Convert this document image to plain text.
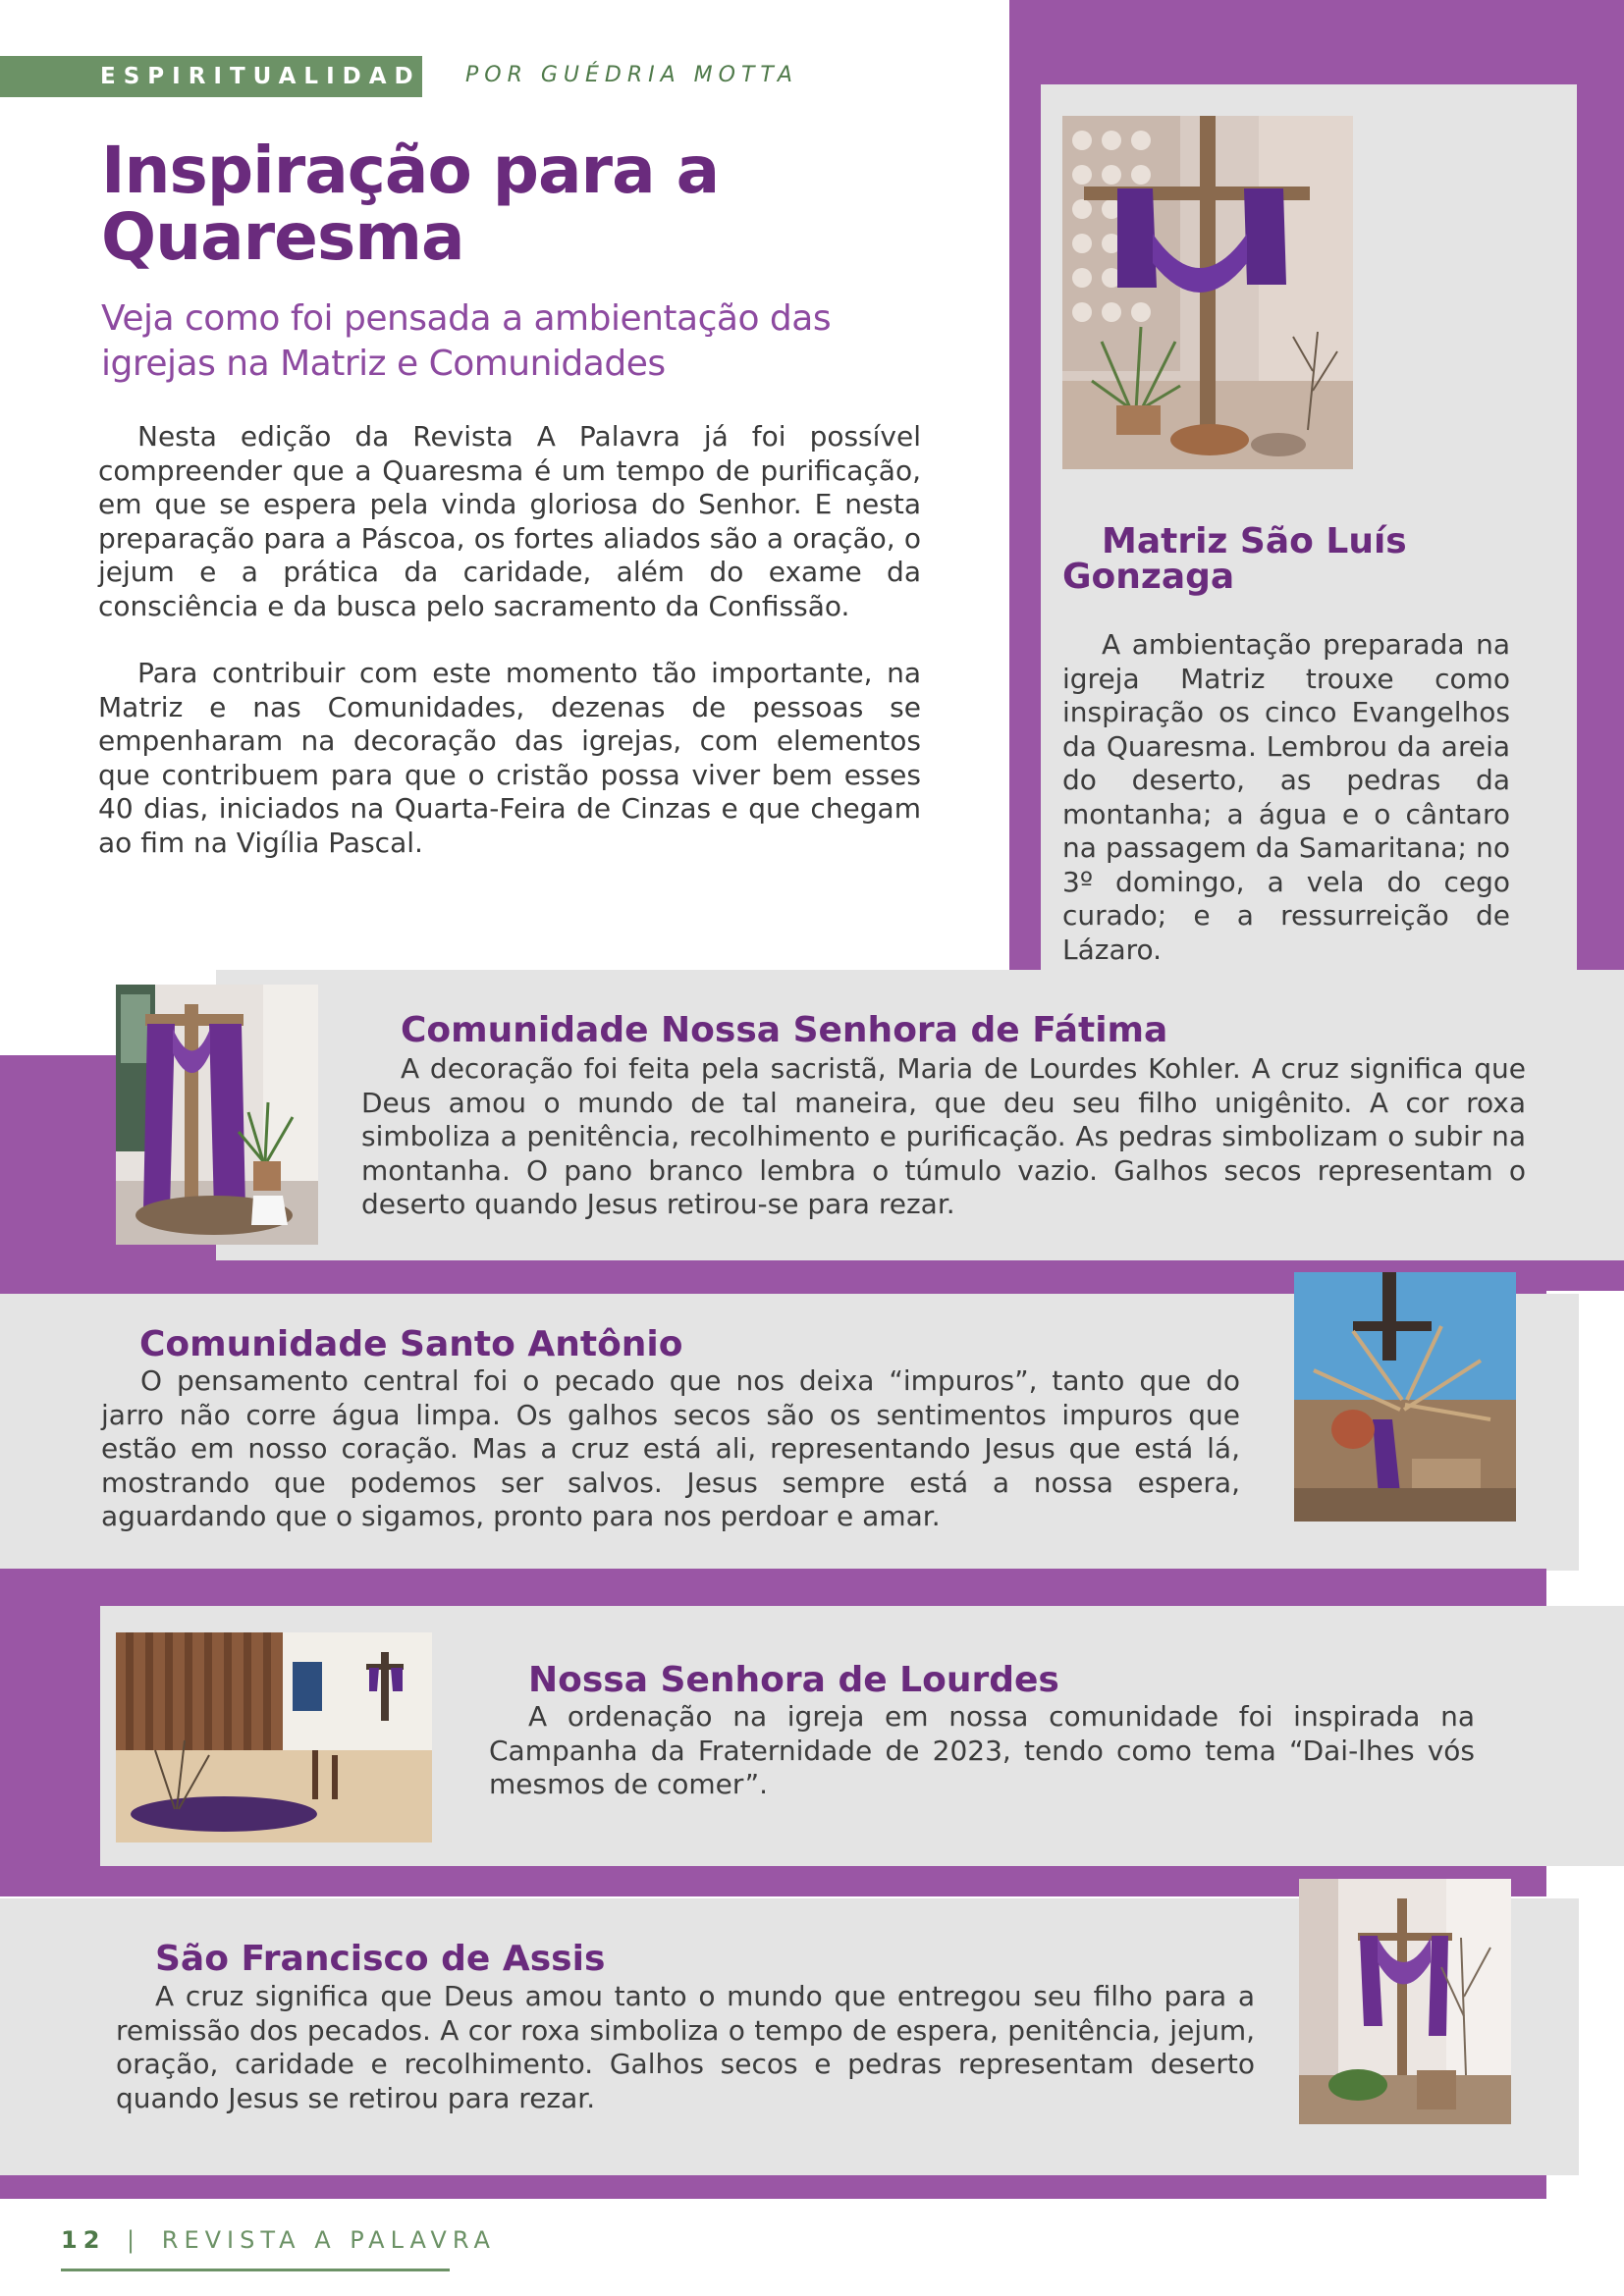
ESPIRITUALIDADE POR GUÉDRIA MOTTA
Inspiração para a Quaresma
Veja como foi pensada a ambientação das igrejas na Matriz e Comunidades

Nesta edição da Revista A Palavra já foi possível compreender que a Quaresma é um tempo de purificação, em que se espera pela vinda gloriosa do Senhor. E nesta preparação para a Páscoa, os fortes aliados são a oração, o jejum e a prática da caridade, além do exame da consciência e da busca pelo sacramento da Confissão.

Para contribuir com este momento tão importante, na Matriz e nas Comunidades, dezenas de pessoas se empenharam na decoração das igrejas, com elementos que contribuem para que o cristão possa viver bem esses 40 dias, iniciados na Quarta-Feira de Cinzas e que chegam ao fim na Vigília Pascal.

Matriz São Luís Gonzaga

A ambientação preparada na igreja Matriz trouxe como inspiração os cinco Evangelhos da Quaresma. Lembrou da areia do deserto, as pedras da montanha; a água e o cântaro na passagem da Samaritana; no 3º domingo, a vela do cego curado; e a ressurreição de Lázaro.

Comunidade Nossa Senhora de Fátima

A decoração foi feita pela sacristã, Maria de Lourdes Kohler. A cruz significa que Deus amou o mundo de tal maneira, que deu seu filho unigênito. A cor roxa simboliza a penitência, recolhimento e purificação. As pedras simbolizam o subir na montanha. O pano branco lembra o túmulo vazio. Galhos secos representam o deserto quando Jesus retirou-se para rezar.

Comunidade Santo Antônio

O pensamento central foi o pecado que nos deixa “impuros”, tanto que do jarro não corre água limpa. Os galhos secos são os sentimentos impuros que estão em nosso coração. Mas a cruz está ali, representando Jesus que está lá, mostrando que podemos ser salvos. Jesus sempre está a nossa espera, aguardando que o sigamos, pronto para nos perdoar e amar.

Nossa Senhora de Lourdes

A ordenação na igreja em nossa comunidade foi inspirada na Campanha da Fraternidade de 2023, tendo como tema “Dai-lhes vós mesmos de comer”.

São Francisco de Assis

A cruz significa que Deus amou tanto o mundo que entregou seu filho para a remissão dos pecados. A cor roxa simboliza o tempo de espera, penitência, jejum, oração, caridade e recolhimento. Galhos secos e pedras representam deserto quando Jesus se retirou para rezar.

12 | REVISTA A PALAVRA
